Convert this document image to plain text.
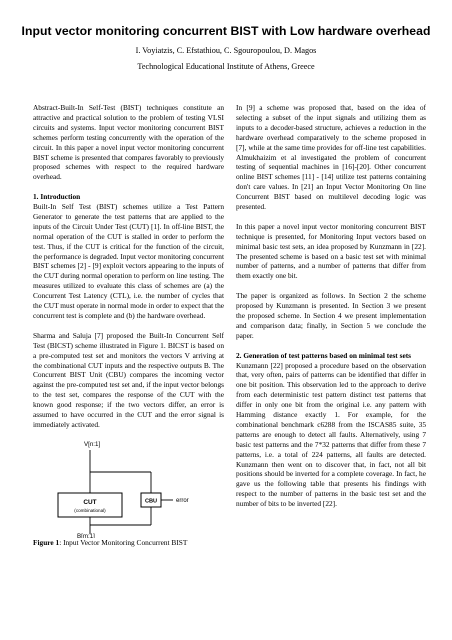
Input vector monitoring concurrent BIST with Low hardware overhead
I. Voyiatzis, C. Efstathiou, C. Sgouropoulou, D. Magos
Technological Educational Institute of Athens, Greece

Abstract-Built-In Self-Test (BIST) techniques constitute an attractive and practical solution to the problem of testing VLSI circuits and systems. Input vector monitoring concurrent BIST schemes perform testing concurrently with the operation of the circuit. In this paper a novel input vector monitoring concurrent BIST scheme is presented that compares favorably to previously proposed schemes with respect to the required hardware overhead.

1. Introduction

Built-In Self Test (BIST) schemes utilize a Test Pattern Generator to generate the test patterns that are applied to the inputs of the Circuit Under Test (CUT) [1]. In off-line BIST, the normal operation of the CUT is stalled in order to perform the test. Thus, if the CUT is critical for the function of the circuit, the performance is degraded. Input vector monitoring concurrent BIST schemes [2] - [9] exploit vectors appearing to the inputs of the CUT during normal operation to perform on line testing. The measures utilized to evaluate this class of schemes are (a) the Concurrent Test Latency (CTL), i.e. the number of cycles that the CUT must operate in normal mode in order to expect that the concurrent test is complete and (b) the hardware overhead.

Sharma and Saluja [7] proposed the Built-In Concurrent Self Test (BICST) scheme illustrated in Figure 1. BICST is based on a pre-computed test set and monitors the vectors V arriving at the combinational CUT inputs and the respective outputs B. The Concurrent BIST Unit (CBU) compares the incoming vector against the pre-computed test set and, if the input vector belongs to the test set, compares the response of the CUT with the known good response; if the two vectors differ, an error is assumed to have occurred in the CUT and the error signal is immediately activated.

V[n:1]
CUT
(combinational)
CBU	error
B[m:1]

Figure 1: Input Vector Monitoring Concurrent BIST

In [9] a scheme was proposed that, based on the idea of selecting a subset of the input signals and utilizing them as inputs to a decoder-based structure, achieves a reduction in the hardware overhead comparatively to the scheme proposed in [7], while at the same time provides for off-line test capabilities. Almukhaizim et al investigated the problem of concurrent testing of sequential machines in [16]-[20]. Other concurrent online BIST schemes [11] - [14] utilize test patterns containing don't care values. In [21] an Input Vector Monitoring On line Concurrent BIST based on multilevel decoding logic was presented.

In this paper a novel input vector monitoring concurrent BIST technique is presented, for Monitoring Input vectors based on minimal basic test sets, an idea proposed by Kunzmann in [22]. The presented scheme is based on a basic test set with minimal number of patterns, and a number of patterns that differ from them exactly one bit.

The paper is organized as follows. In Section 2 the scheme proposed by Kunzmann is presented. In Section 3 we present the proposed scheme. In Section 4 we present implementation and comparison data; finally, in Section 5 we conclude the paper.

2. Generation of test patterns based on minimal test sets

Kunzmann [22] proposed a procedure based on the observation that, very often, pairs of patterns can be identified that differ in one bit position. This observation led to the approach to derive from each deterministic test pattern distinct test patterns that differ in only one bit from the original i.e. any pattern with Hamming distance exactly 1. For example, for the combinational benchmark c6288 from the ISCAS85 suite, 35 patterns are enough to detect all faults. Alternatively, using 7 basic test patterns and the 7*32 patterns that differ from these 7 patterns, i.e. a total of 224 patterns, all faults are detected. Kunzmann then went on to discover that, in fact, not all bit positions should be inverted for a complete coverage. In fact, he gave us the following table that presents his findings with respect to the number of patterns in the basic test set and the number of bits to be inverted [22].
